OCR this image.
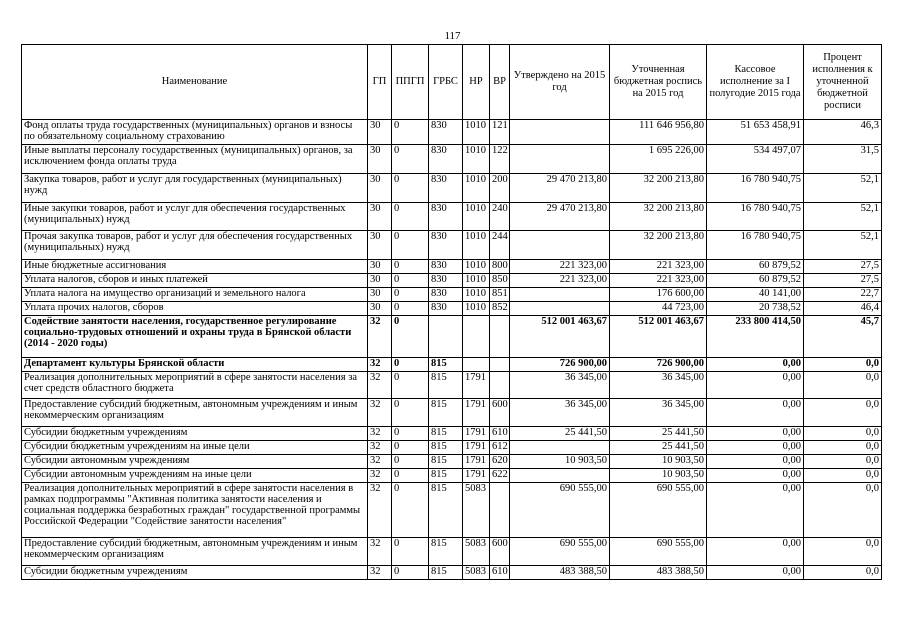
117
Наименование	ГП	ППГП	ГРБС	НР	ВР	Утверждено на 2015 год	Уточненная бюджетная роспись на 2015 год	Кассовое исполнение за I полугодие 2015 года	Процент исполнения к уточненной бюджетной росписи
Фонд оплаты труда государственных (муниципальных) органов и взносы по обязательному социальному страхованию	30	0	830	1010	121		111 646 956,80	51 653 458,91	46,3
Иные выплаты персоналу государственных (муниципальных) органов, за исключением фонда оплаты труда	30	0	830	1010	122		1 695 226,00	534 497,07	31,5
Закупка товаров, работ и услуг для государственных (муниципальных) нужд	30	0	830	1010	200	29 470 213,80	32 200 213,80	16 780 940,75	52,1
Иные закупки товаров, работ и услуг для обеспечения государственных (муниципальных) нужд	30	0	830	1010	240	29 470 213,80	32 200 213,80	16 780 940,75	52,1
Прочая закупка товаров, работ и услуг для обеспечения государственных (муниципальных) нужд	30	0	830	1010	244		32 200 213,80	16 780 940,75	52,1
Иные бюджетные ассигнования	30	0	830	1010	800	221 323,00	221 323,00	60 879,52	27,5
Уплата налогов, сборов и иных платежей	30	0	830	1010	850	221 323,00	221 323,00	60 879,52	27,5
Уплата налога на имущество организаций и земельного налога	30	0	830	1010	851		176 600,00	40 141,00	22,7
Уплата прочих налогов, сборов	30	0	830	1010	852		44 723,00	20 738,52	46,4
Содействие занятости населения, государственное регулирование социально-трудовых отношений и охраны труда в Брянской области (2014 - 2020 годы)	32	0				512 001 463,67	512 001 463,67	233 800 414,50	45,7
Департамент культуры Брянской области	32	0	815			726 900,00	726 900,00	0,00	0,0
Реализация дополнительных мероприятий в сфере занятости населения за счет средств областного бюджета	32	0	815	1791		36 345,00	36 345,00	0,00	0,0
Предоставление субсидий бюджетным, автономным учреждениям и иным некоммерческим организациям	32	0	815	1791	600	36 345,00	36 345,00	0,00	0,0
Субсидии бюджетным учреждениям	32	0	815	1791	610	25 441,50	25 441,50	0,00	0,0
Субсидии бюджетным учреждениям на иные цели	32	0	815	1791	612		25 441,50	0,00	0,0
Субсидии автономным учреждениям	32	0	815	1791	620	10 903,50	10 903,50	0,00	0,0
Субсидии автономным учреждениям на иные цели	32	0	815	1791	622		10 903,50	0,00	0,0
Реализация дополнительных мероприятий в сфере занятости населения в рамках подпрограммы "Активная политика занятости населения и социальная поддержка безработных граждан" государственной программы Российской Федерации "Содействие занятости населения"	32	0	815	5083		690 555,00	690 555,00	0,00	0,0
Предоставление субсидий бюджетным, автономным учреждениям и иным некоммерческим организациям	32	0	815	5083	600	690 555,00	690 555,00	0,00	0,0
Субсидии бюджетным учреждениям	32	0	815	5083	610	483 388,50	483 388,50	0,00	0,0
